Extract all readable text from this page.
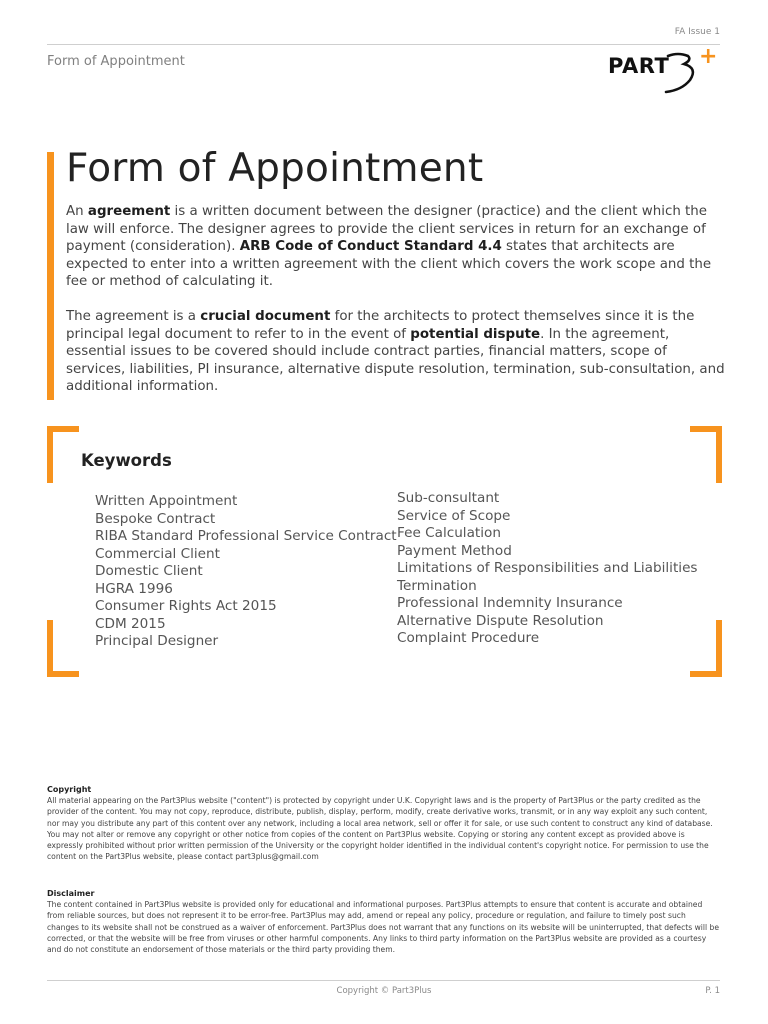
FA Issue 1
Form of Appointment	PART +
Form of Appointment

An agreement is a written document between the designer (practice) and the client which the law will enforce. The designer agrees to provide the client services in return for an exchange of payment (consideration). ARB Code of Conduct Standard 4.4 states that architects are expected to enter into a written agreement with the client which covers the work scope and the fee or method of calculating it.

The agreement is a crucial document for the architects to protect themselves since it is the principal legal document to refer to in the event of potential dispute. In the agreement, essential issues to be covered should include contract parties, financial matters, scope of services, liabilities, PI insurance, alternative dispute resolution, termination, sub-consultation, and additional information.

Keywords
Written Appointment
Bespoke Contract
RIBA Standard Professional Service Contract
Commercial Client
Domestic Client
HGRA 1996
Consumer Rights Act 2015
CDM 2015
Principal Designer
Sub-consultant
Service of Scope
Fee Calculation
Payment Method
Limitations of Responsibilities and Liabilities
Termination
Professional Indemnity Insurance
Alternative Dispute Resolution
Complaint Procedure
Copyright
All material appearing on the Part3Plus website ("content") is protected by copyright under U.K. Copyright laws and is the property of Part3Plus or the party credited as the provider of the content. You may not copy, reproduce, distribute, publish, display, perform, modify, create derivative works, transmit, or in any way exploit any such content, nor may you distribute any part of this content over any network, including a local area network, sell or offer it for sale, or use such content to construct any kind of database. You may not alter or remove any copyright or other notice from copies of the content on Part3Plus website. Copying or storing any content except as provided above is expressly prohibited without prior written permission of the University or the copyright holder identified in the individual content's copyright notice. For permission to use the content on the Part3Plus website, please contact part3plus@gmail.com
Disclaimer
The content contained in Part3Plus website is provided only for educational and informational purposes. Part3Plus attempts to ensure that content is accurate and obtained from reliable sources, but does not represent it to be error-free. Part3Plus may add, amend or repeal any policy, procedure or regulation, and failure to timely post such changes to its website shall not be construed as a waiver of enforcement. Part3Plus does not warrant that any functions on its website will be uninterrupted, that defects will be corrected, or that the website will be free from viruses or other harmful components. Any links to third party information on the Part3Plus website are provided as a courtesy and do not constitute an endorsement of those materials or the third party providing them.
Copyright © Part3Plus	P. 1
